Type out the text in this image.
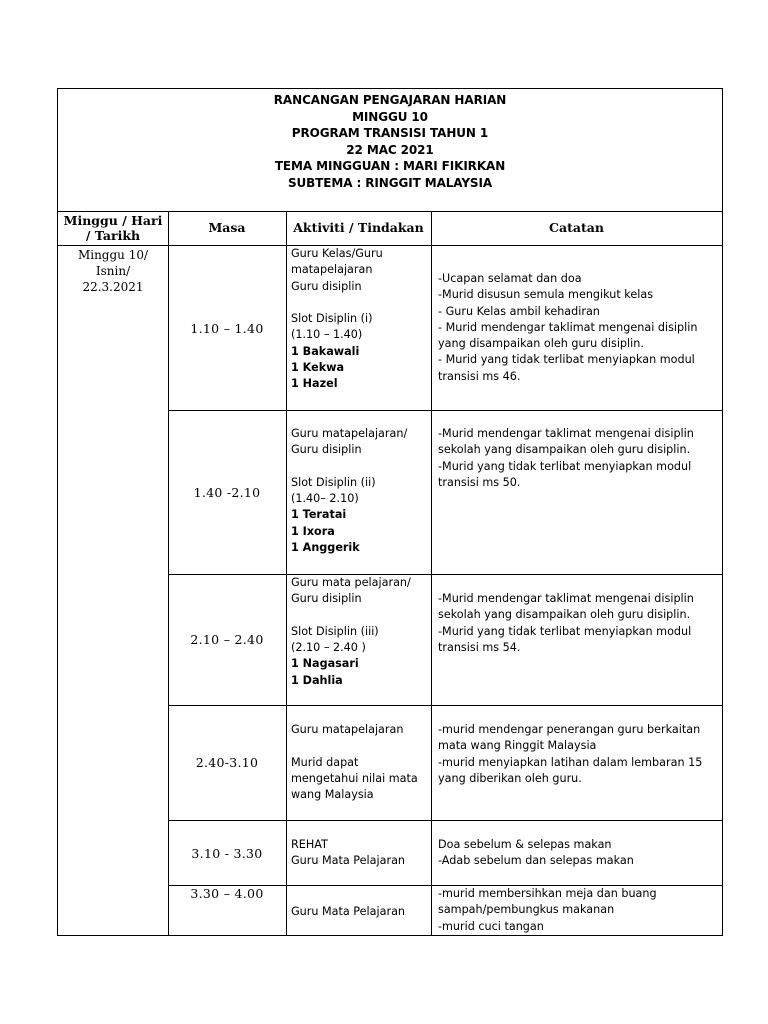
RANCANGAN PENGAJARAN HARIAN
MINGGU 10
PROGRAM TRANSISI TAHUN 1
22 MAC 2021
TEMA MINGGUAN : MARI FIKIRKAN
SUBTEMA : RINGGIT MALAYSIA
Minggu / Hari
/ Tarikh
Masa	Aktiviti / Tindakan	Catatan
Minggu 10/
Isnin/
22.3.2021
1.10 – 1.40
Guru Kelas/Guru
matapelajaran
Guru disiplin
Slot Disiplin (i)
(1.10 – 1.40)
1 Bakawali
1 Kekwa
1 Hazel
-Ucapan selamat dan doa
-Murid disusun semula mengikut kelas
- Guru Kelas ambil kehadiran
- Murid mendengar taklimat mengenai disiplin
yang disampaikan oleh guru disiplin.
- Murid yang tidak terlibat menyiapkan modul
transisi ms 46.
1.40 -2.10
Guru matapelajaran/
Guru disiplin
Slot Disiplin (ii)
(1.40– 2.10)
1 Teratai
1 Ixora
1 Anggerik
-Murid mendengar taklimat mengenai disiplin
sekolah yang disampaikan oleh guru disiplin.
-Murid yang tidak terlibat menyiapkan modul
transisi ms 50.
2.10 – 2.40
Guru mata pelajaran/
Guru disiplin
Slot Disiplin (iii)
(2.10 – 2.40 )
1 Nagasari
1 Dahlia
-Murid mendengar taklimat mengenai disiplin
sekolah yang disampaikan oleh guru disiplin.
-Murid yang tidak terlibat menyiapkan modul
transisi ms 54.
2.40-3.10
Guru matapelajaran
Murid dapat
mengetahui nilai mata
wang Malaysia
-murid mendengar penerangan guru berkaitan
mata wang Ringgit Malaysia
-murid menyiapkan latihan dalam lembaran 15
yang diberikan oleh guru.
3.10 - 3.30
REHAT
Guru Mata Pelajaran
Doa sebelum & selepas makan
-Adab sebelum dan selepas makan
3.30 – 4.00
Guru Mata Pelajaran
-murid membersihkan meja dan buang
sampah/pembungkus makanan
-murid cuci tangan
